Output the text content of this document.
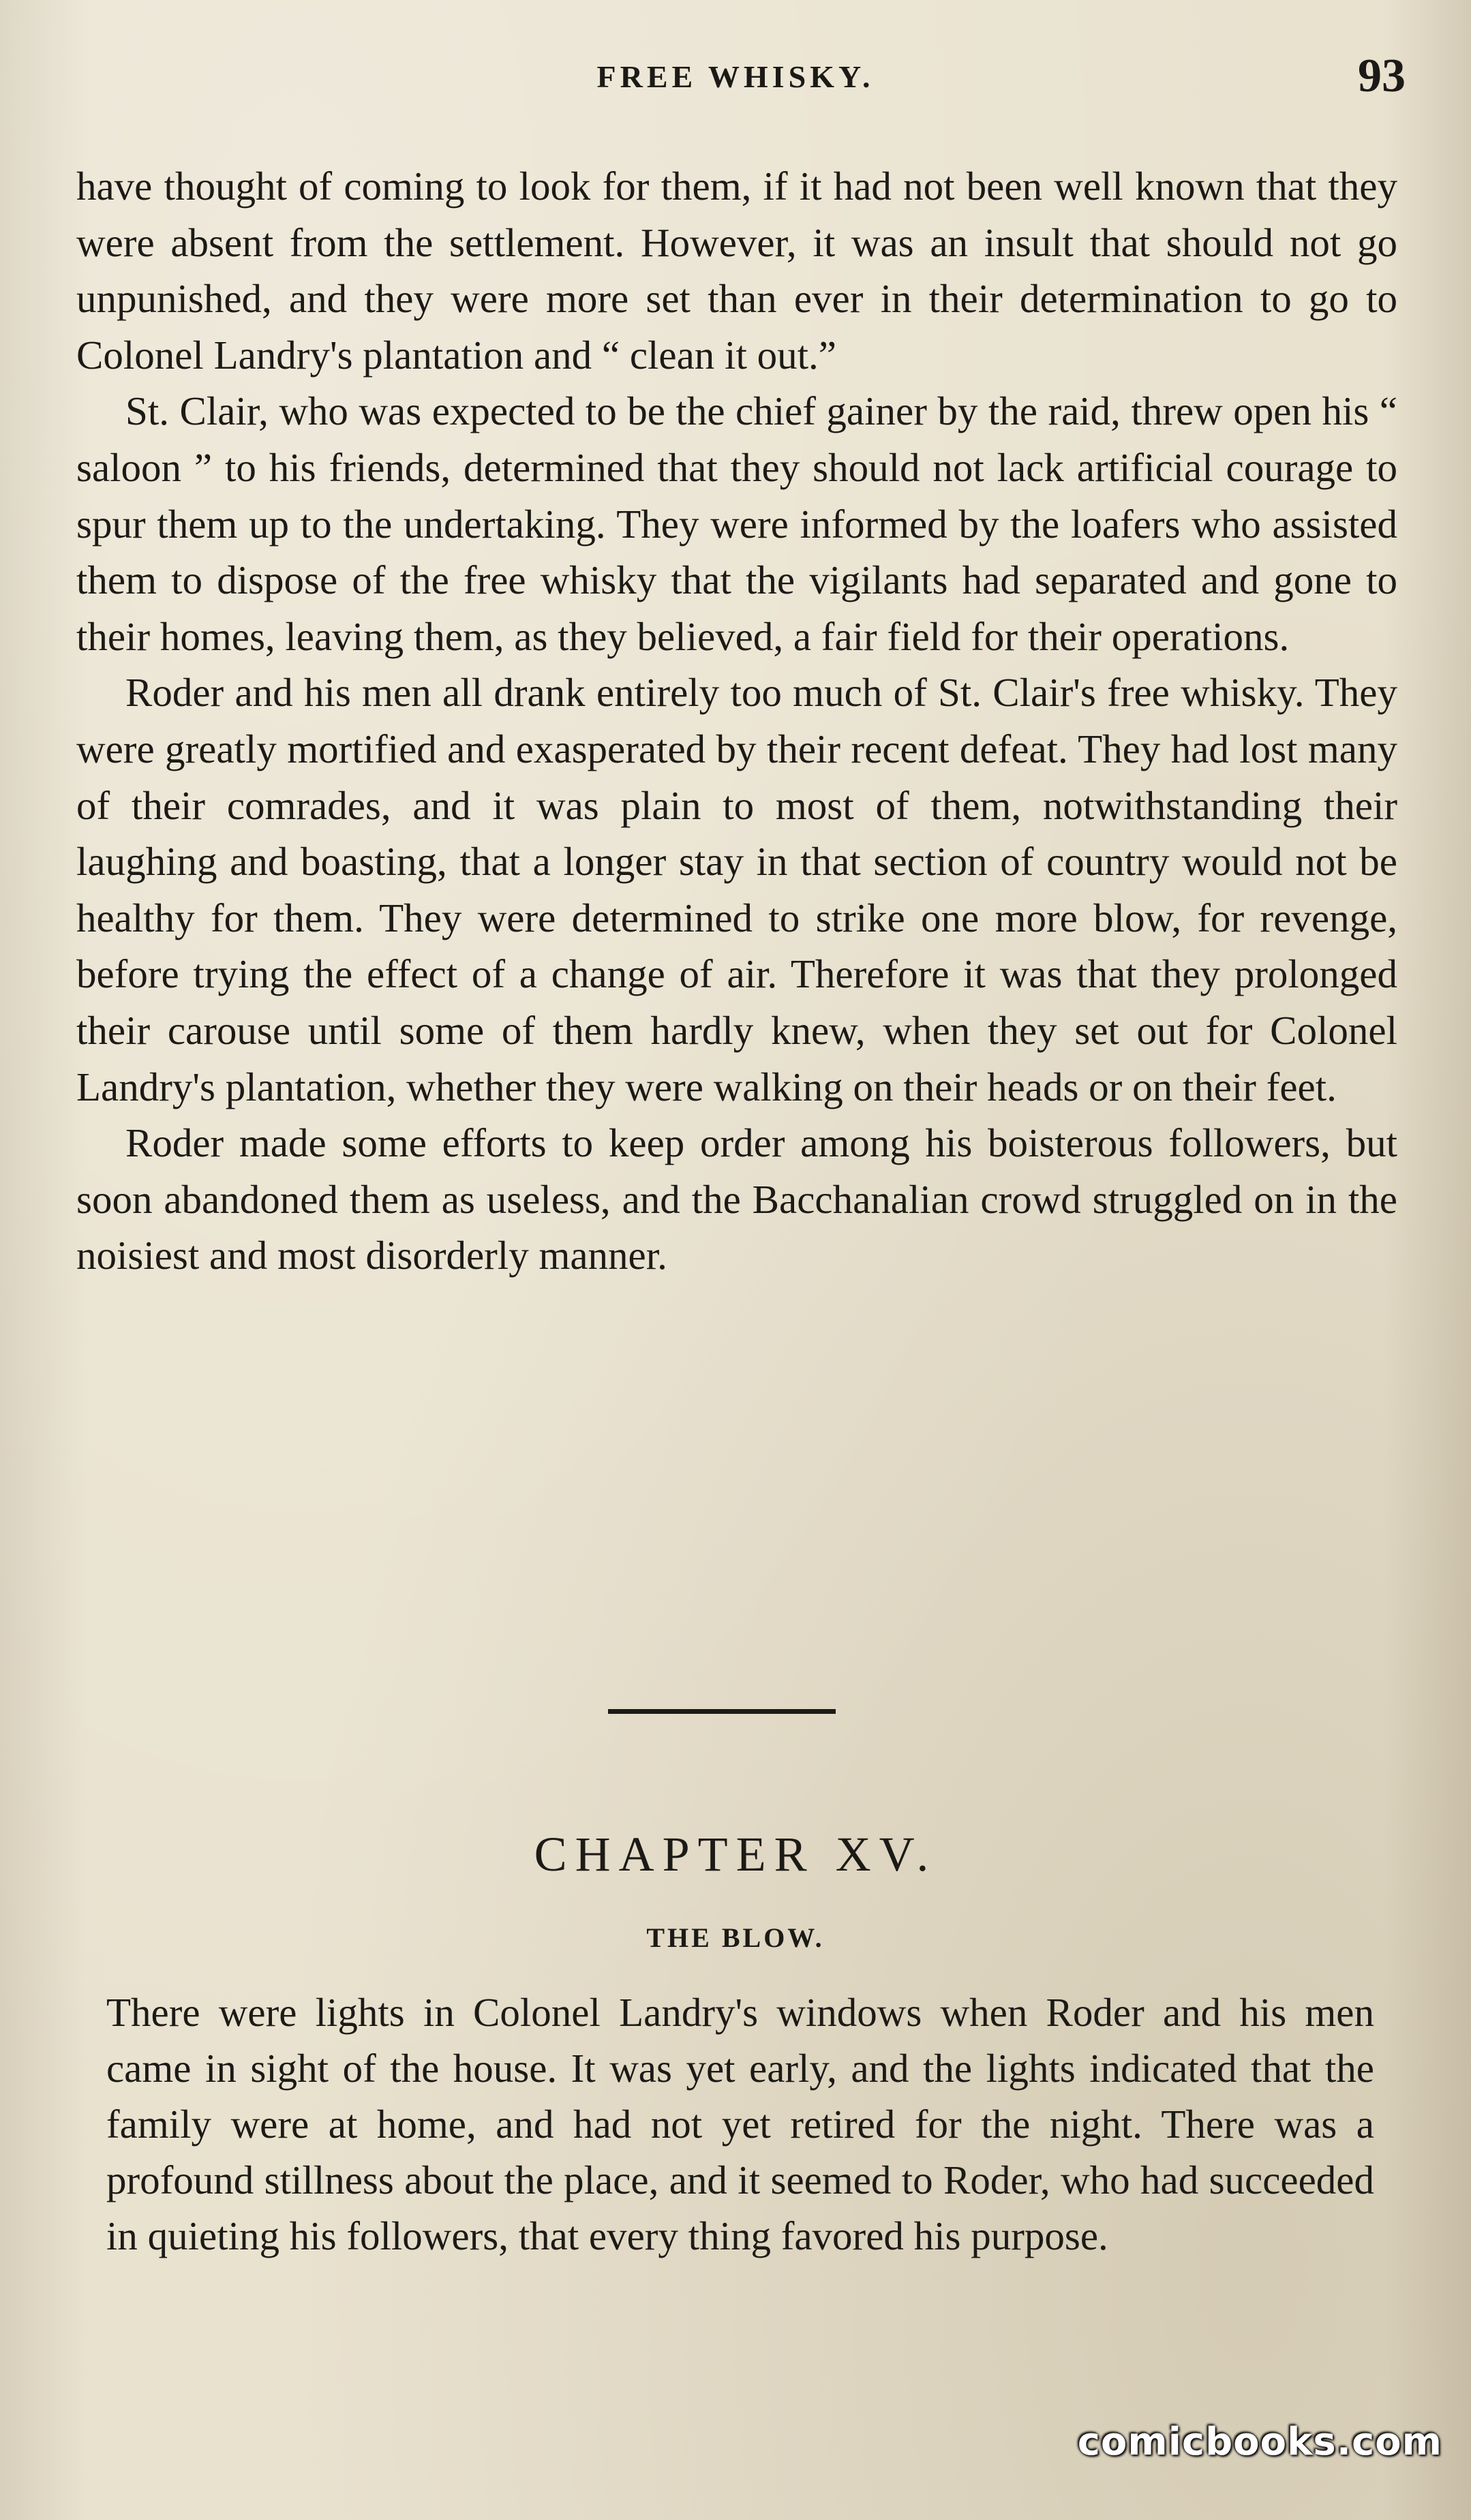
FREE WHISKY.	93

have thought of coming to look for them, if it had not been well known that they were absent from the settlement. However, it was an insult that should not go unpunished, and they were more set than ever in their determination to go to Colonel Landry's plantation and “ clean it out.”

St. Clair, who was expected to be the chief gainer by the raid, threw open his “ saloon ” to his friends, determined that they should not lack artificial courage to spur them up to the undertaking. They were informed by the loafers who assisted them to dispose of the free whisky that the vigilants had separated and gone to their homes, leaving them, as they believed, a fair field for their operations.

Roder and his men all drank entirely too much of St. Clair's free whisky. They were greatly mortified and exasperated by their recent defeat. They had lost many of their comrades, and it was plain to most of them, notwithstanding their laughing and boasting, that a longer stay in that section of country would not be healthy for them. They were determined to strike one more blow, for revenge, before trying the effect of a change of air. Therefore it was that they prolonged their carouse until some of them hardly knew, when they set out for Colonel Landry's plantation, whether they were walking on their heads or on their feet.

Roder made some efforts to keep order among his boisterous followers, but soon abandoned them as useless, and the Bacchanalian crowd struggled on in the noisiest and most disorderly manner.

CHAPTER XV.
THE BLOW.

There were lights in Colonel Landry's windows when Roder and his men came in sight of the house. It was yet early, and the lights indicated that the family were at home, and had not yet retired for the night. There was a profound stillness about the place, and it seemed to Roder, who had succeeded in quieting his followers, that every thing favored his purpose.

comicbooks.com
